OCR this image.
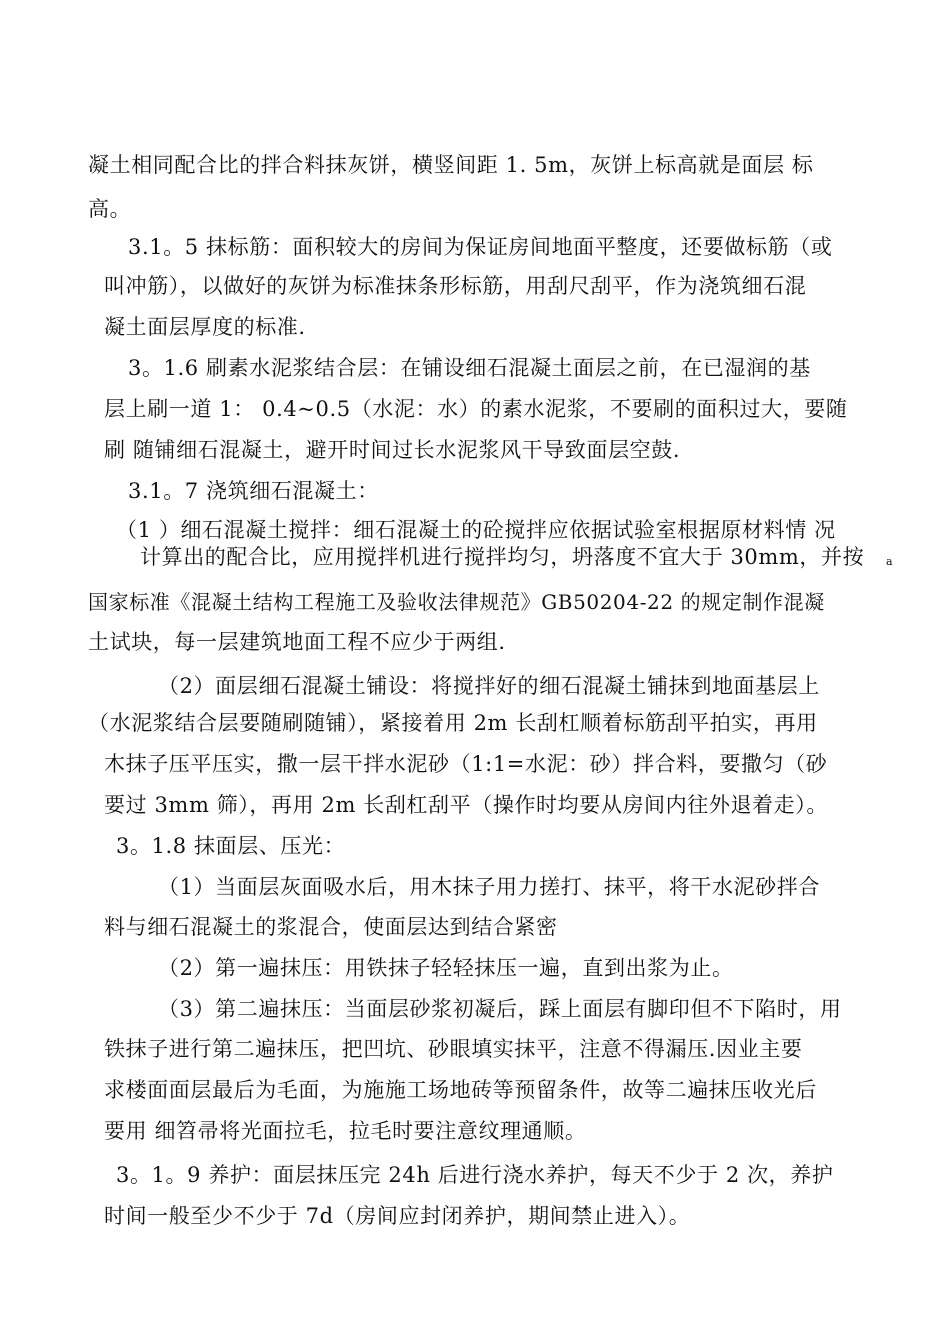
凝土相同配合比的拌合料抹灰饼，横竖间距 1. 5m，灰饼上标高就是面层 标
高。
3.1。5 抹标筋：面积较大的房间为保证房间地面平整度，还要做标筋（或
叫冲筋），以做好的灰饼为标准抹条形标筋，用刮尺刮平，作为浇筑细石混
凝土面层厚度的标准.
3。1.6 刷素水泥浆结合层：在铺设细石混凝土面层之前，在已湿润的基
层上刷一道 1： 0.4~0.5（水泥：水）的素水泥浆，不要刷的面积过大，要随
刷 随铺细石混凝土，避开时间过长水泥浆风干导致面层空鼓.
3.1。7 浇筑细石混凝土：
（1 ）细石混凝土搅拌：细石混凝土的砼搅拌应依据试验室根据原材料情 况
计算出的配合比，应用搅拌机进行搅拌均匀，坍落度不宜大于 30mm，并按 a
国家标准《混凝土结构工程施工及验收法律规范》GB50204-22 的规定制作混凝
土试块，每一层建筑地面工程不应少于两组.
（2）面层细石混凝土铺设：将搅拌好的细石混凝土铺抹到地面基层上
（水泥浆结合层要随刷随铺），紧接着用 2m 长刮杠顺着标筋刮平拍实，再用
木抹子压平压实，撒一层干拌水泥砂（1:1=水泥：砂）拌合料，要撒匀（砂
要过 3mm 筛），再用 2m 长刮杠刮平（操作时均要从房间内往外退着走）。
3。1.8 抹面层、压光：
（1）当面层灰面吸水后，用木抹子用力搓打、抹平，将干水泥砂拌合
料与细石混凝土的浆混合，使面层达到结合紧密
（2）第一遍抹压：用铁抹子轻轻抹压一遍，直到出浆为止。
（3）第二遍抹压：当面层砂浆初凝后，踩上面层有脚印但不下陷时，用
铁抹子进行第二遍抹压，把凹坑、砂眼填实抹平，注意不得漏压.因业主要
求楼面面层最后为毛面，为施施工场地砖等预留条件，故等二遍抹压收光后
要用 细笤帚将光面拉毛，拉毛时要注意纹理通顺。
3。1。9 养护：面层抹压完 24h 后进行浇水养护，每天不少于 2 次，养护
时间一般至少不少于 7d（房间应封闭养护，期间禁止进入）。
